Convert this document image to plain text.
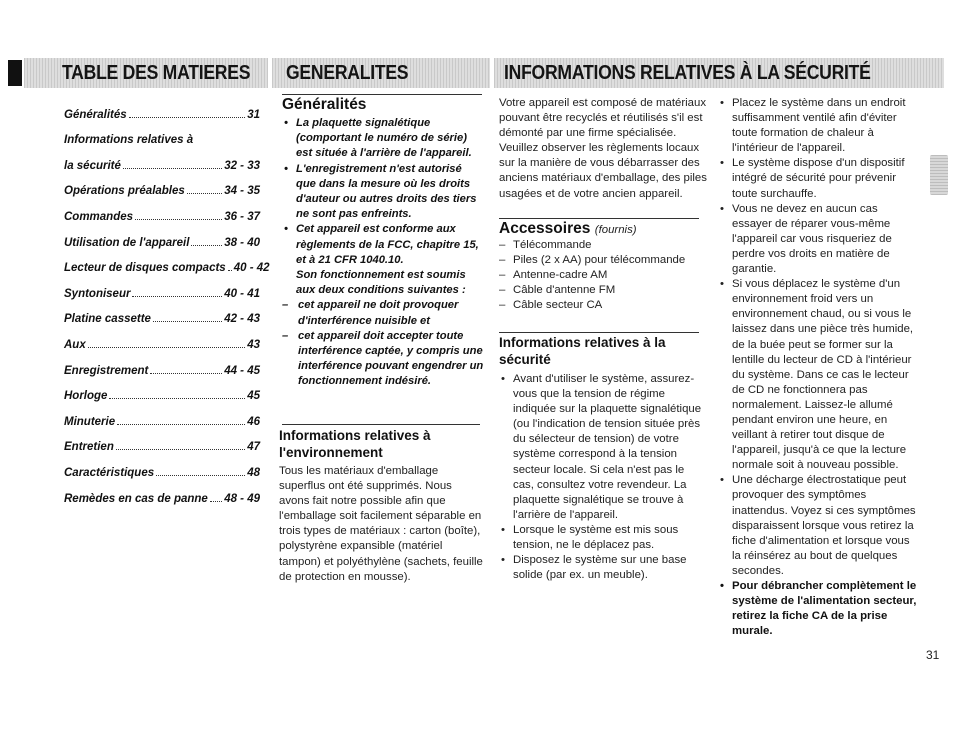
TABLE DES MATIERES GENERALITES	INFORMATIONS RELATIVES À LA SÉCURITÉ
Généralités	31
Informations relatives à
la sécurité	32 - 33
Opérations préalables	34 - 35
Commandes	36 - 37
Utilisation de l'appareil	38 - 40
Lecteur de disques compacts 40 - 42
Syntoniseur	40 - 41
Platine cassette	42 - 43
Aux	43
Enregistrement	44 - 45
Horloge	45
Minuterie	46
Entretien	47
Caractéristiques	48
Remèdes en cas de panne 48 - 49
Généralités
• La plaquette signalétique (comportant le numéro de série) est située à l'arrière de l'appareil.
• L'enregistrement n'est autorisé que dans la mesure où les droits d'auteur ou autres droits des tiers ne sont pas enfreints.
• Cet appareil est conforme aux règlements de la FCC, chapitre 15, et à 21 CFR 1040.10.
Son fonctionnement est soumis aux deux conditions suivantes :
– cet appareil ne doit provoquer d'interférence nuisible et
– cet appareil doit accepter toute interférence captée, y compris une interférence pouvant engendrer un fonctionnement indésiré.
Informations relatives à l'environnement
Tous les matériaux d'emballage superflus ont été supprimés. Nous avons fait notre possible afin que l'emballage soit facilement séparable en trois types de matériaux : carton (boîte), polystyrène expansible (matériel tampon) et polyéthylène (sachets, feuille de protection en mousse).
Votre appareil est composé de matériaux pouvant être recyclés et réutilisés s'il est démonté par une firme spécialisée. Veuillez observer les règlements locaux sur la manière de vous débarrasser des anciens matériaux d'emballage, des piles usagées et de votre ancien appareil.
Accessoires (fournis)
– Télécommande
– Piles (2 x AA) pour télécommande
– Antenne-cadre AM
– Câble d'antenne FM
– Câble secteur CA
Informations relatives à la sécurité
• Avant d'utiliser le système, assurez-vous que la tension de régime indiquée sur la plaquette signalétique (ou l'indication de tension située près du sélecteur de tension) de votre système correspond à la tension secteur locale. Si cela n'est pas le cas, consultez votre revendeur. La plaquette signalétique se trouve à l'arrière de l'appareil.
• Lorsque le système est mis sous tension, ne le déplacez pas.
• Disposez le système sur une base solide (par ex. un meuble).
• Placez le système dans un endroit suffisamment ventilé afin d'éviter toute formation de chaleur à l'intérieur de l'appareil.
• Le système dispose d'un dispositif intégré de sécurité pour prévenir toute surchauffe.
• Vous ne devez en aucun cas essayer de réparer vous-même l'appareil car vous risqueriez de perdre vos droits en matière de garantie.
• Si vous déplacez le système d'un environnement froid vers un environnement chaud, ou si vous le laissez dans une pièce très humide, de la buée peut se former sur la lentille du lecteur de CD à l'intérieur du système. Dans ce cas le lecteur de CD ne fonctionnera pas normalement. Laissez-le allumé pendant environ une heure, en veillant à retirer tout disque de l'appareil, jusqu'à ce que la lecture normale soit à nouveau possible.
• Une décharge électrostatique peut provoquer des symptômes inattendus. Voyez si ces symptômes disparaissent lorsque vous retirez la fiche d'alimentation et lorsque vous la réinsérez au bout de quelques secondes.
• Pour débrancher complètement le système de l'alimentation secteur, retirez la fiche CA de la prise murale.
31
